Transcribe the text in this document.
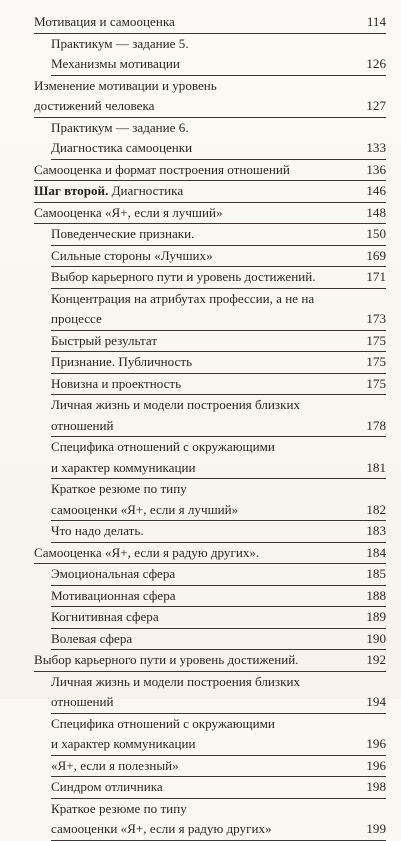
Мотивация и самооценка	114
Практикум — задание 5.
Механизмы мотивации	126
Изменение мотивации и уровень
достижений человека	127
Практикум — задание 6.
Диагностика самооценки	133
Самооценка и формат построения отношений	136
Шаг второй. Диагностика	146
Самооценка «Я+, если я лучший»	148
Поведенческие признаки.	150
Сильные стороны «Лучших»	169
Выбор карьерного пути и уровень достижений.	171
Концентрация на атрибутах профессии, а не на
процессе	173
Быстрый результат	175
Признание. Публичность	175
Новизна и проектность	175
Личная жизнь и модели построения близких
отношений	178
Специфика отношений с окружающими
и характер коммуникации	181
Краткое резюме по типу
самооценки «Я+, если я лучший»	182
Что надо делать.	183
Самооценка «Я+, если я радую других».	184
Эмоциональная сфера	185
Мотивационная сфера	188
Когнитивная сфера	189
Волевая сфера	190
Выбор карьерного пути и уровень достижений.	192
Личная жизнь и модели построения близких
отношений	194
Специфика отношений с окружающими
и характер коммуникации	196
«Я+, если я полезный»	196
Синдром отличника	198
Краткое резюме по типу
самооценки «Я+, если я радую других»	199
